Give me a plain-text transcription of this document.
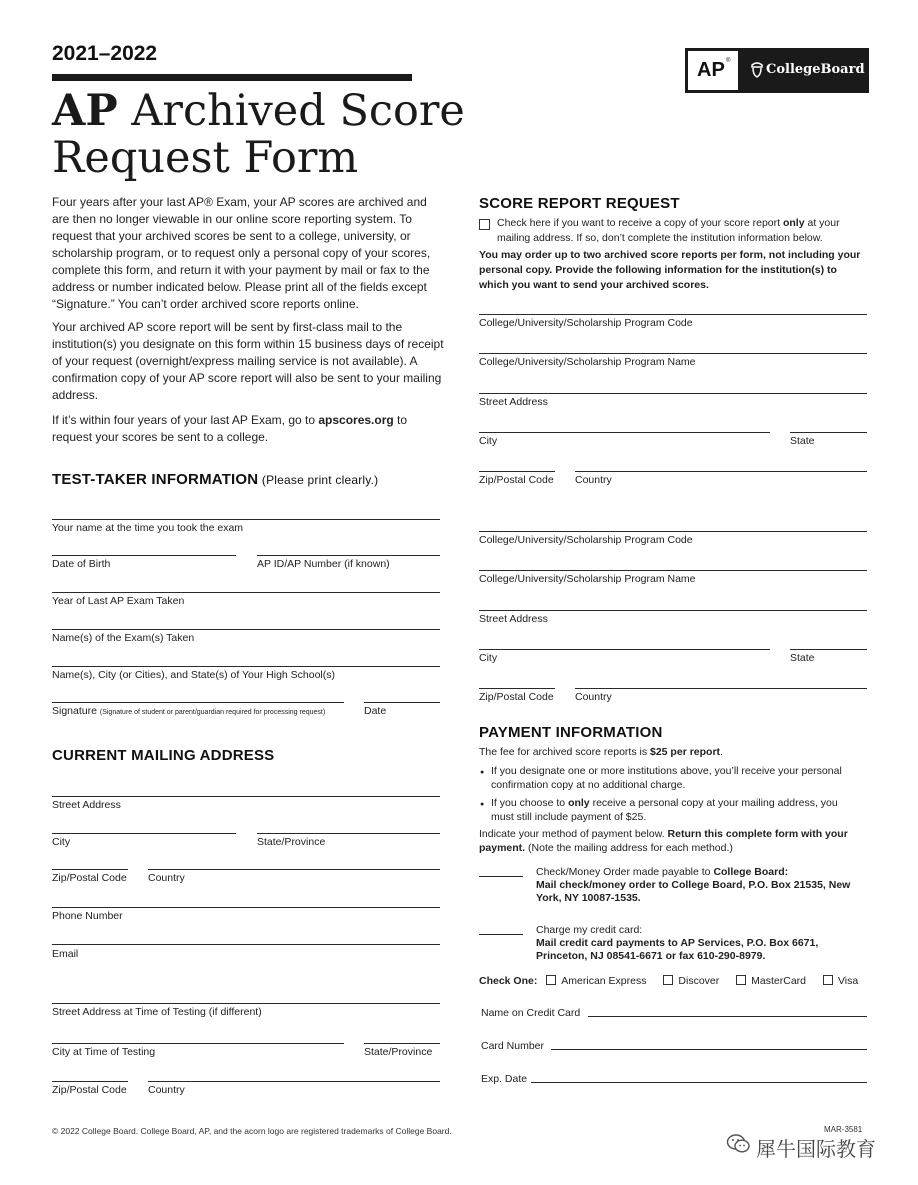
2021–2022
AP Archived Score
Request Form
AP ®
CollegeBoard
Four years after your last AP® Exam, your AP scores are archived and are then no longer viewable in our online score reporting system. To request that your archived scores be sent to a college, university, or scholarship program, or to request only a personal copy of your scores, complete this form, and return it with your payment by mail or fax to the address or number indicated below. Please print all of the fields except “Signature.” You can’t order archived score reports online.
Your archived AP score report will be sent by first-class mail to the institution(s) you designate on this form within 15 business days of receipt of your request (overnight/express mailing service is not available). A confirmation copy of your AP score report will also be sent to your mailing address.
If it’s within four years of your last AP Exam, go to apscores.org to request your scores be sent to a college.
TEST-TAKER INFORMATION (Please print clearly.)
Your name at the time you took the exam
Date of Birth	AP ID/AP Number (if known)
Year of Last AP Exam Taken
Name(s) of the Exam(s) Taken
Name(s), City (or Cities), and State(s) of Your High School(s)
Signature (Signature of student or parent/guardian required for processing request)	Date
CURRENT MAILING ADDRESS
Street Address
City	State/Province
Zip/Postal Code Country
Phone Number
Email
Street Address at Time of Testing (if different)
City at Time of Testing	State/Province
Zip/Postal Code Country
SCORE REPORT REQUEST
Check here if you want to receive a copy of your score report only at your mailing address. If so, don’t complete the institution information below.
You may order up to two archived score reports per form, not including your personal copy. Provide the following information for the institution(s) to which you want to send your archived scores.
College/University/Scholarship Program Code
College/University/Scholarship Program Name
Street Address
City	State
Zip/Postal Code Country
College/University/Scholarship Program Code
College/University/Scholarship Program Name
Street Address
City	State
Zip/Postal Code Country
PAYMENT INFORMATION
The fee for archived score reports is $25 per report.
● If you designate one or more institutions above, you’ll receive your personal confirmation copy at no additional charge.
● If you choose to only receive a personal copy at your mailing address, you must still include payment of $25.
Indicate your method of payment below. Return this complete form with your payment. (Note the mailing address for each method.)
Check/Money Order made payable to College Board:
Mail check/money order to College Board, P.O. Box 21535, New York, NY 10087-1535.
Charge my credit card:
Mail credit card payments to AP Services, P.O. Box 6671, Princeton, NJ 08541-6671 or fax 610-290-8979.
Check One: American Express	Discover	MasterCard	Visa
Name on Credit Card
Card Number
Exp. Date
© 2022 College Board. College Board, AP, and the acorn logo are registered trademarks of College Board.	MAR-3581
犀牛国际教育
